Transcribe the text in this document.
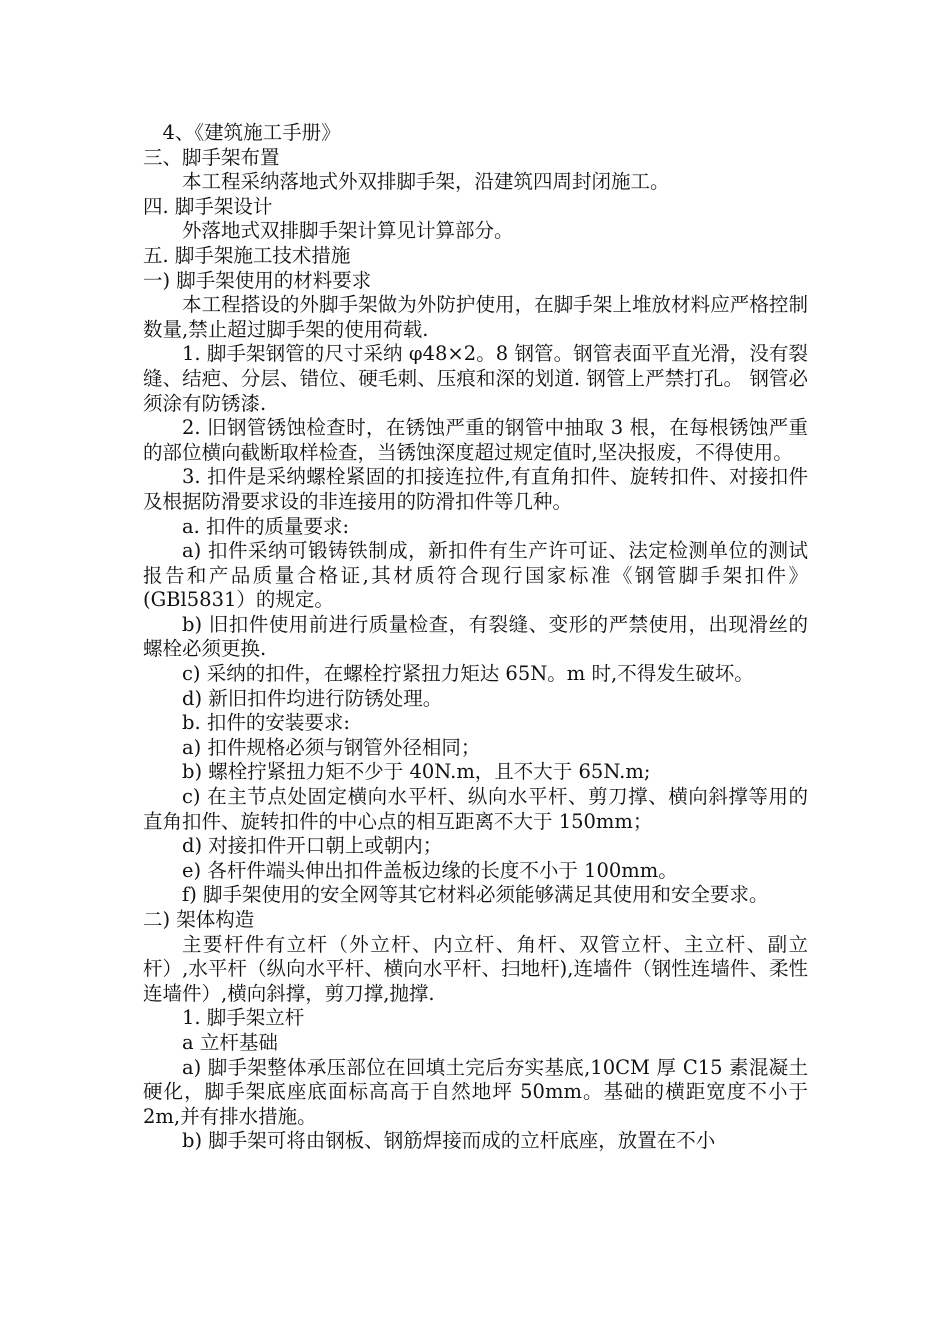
4、《建筑施工手册》

三、脚手架布置

本工程采纳落地式外双排脚手架，沿建筑四周封闭施工。

四. 脚手架设计

外落地式双排脚手架计算见计算部分。

五. 脚手架施工技术措施

一) 脚手架使用的材料要求

本工程搭设的外脚手架做为外防护使用，在脚手架上堆放材料应严格控制数量,禁止超过脚手架的使用荷载.

1. 脚手架钢管的尺寸采纳 φ48×2。8 钢管。钢管表面平直光滑，没有裂缝、结疤、分层、错位、硬毛刺、压痕和深的划道. 钢管上严禁打孔。 钢管必须涂有防锈漆.

2. 旧钢管锈蚀检查时，在锈蚀严重的钢管中抽取 3 根，在每根锈蚀严重的部位横向截断取样检查，当锈蚀深度超过规定值时,坚决报废，不得使用。

3. 扣件是采纳螺栓紧固的扣接连拉件,有直角扣件、旋转扣件、对接扣件及根据防滑要求设的非连接用的防滑扣件等几种。

a. 扣件的质量要求:

a) 扣件采纳可锻铸铁制成，新扣件有生产许可证、法定检测单位的测试报告和产品质量合格证,其材质符合现行国家标准《钢管脚手架扣件》(GBl5831）的规定。

b) 旧扣件使用前进行质量检查，有裂缝、变形的严禁使用，出现滑丝的螺栓必须更换.

c) 采纳的扣件，在螺栓拧紧扭力矩达 65N。m 时,不得发生破坏。

d) 新旧扣件均进行防锈处理。

b. 扣件的安装要求:

a) 扣件规格必须与钢管外径相同；

b) 螺栓拧紧扭力矩不少于 40N.m，且不大于 65N.m;

c) 在主节点处固定横向水平杆、纵向水平杆、剪刀撑、横向斜撑等用的直角扣件、旋转扣件的中心点的相互距离不大于 150mm；

d) 对接扣件开口朝上或朝内；

e) 各杆件端头伸出扣件盖板边缘的长度不小于 100mm。

f) 脚手架使用的安全网等其它材料必须能够满足其使用和安全要求。

二) 架体构造

主要杆件有立杆（外立杆、内立杆、角杆、双管立杆、主立杆、副立杆）,水平杆（纵向水平杆、横向水平杆、扫地杆),连墙件（钢性连墙件、柔性连墙件）,横向斜撑，剪刀撑,抛撑.

1. 脚手架立杆

a 立杆基础

a) 脚手架整体承压部位在回填土完后夯实基底,10CM 厚 C15 素混凝土硬化，脚手架底座底面标高高于自然地坪 50mm。基础的横距宽度不小于 2m,并有排水措施。

b) 脚手架可将由钢板、钢筋焊接而成的立杆底座，放置在不小
